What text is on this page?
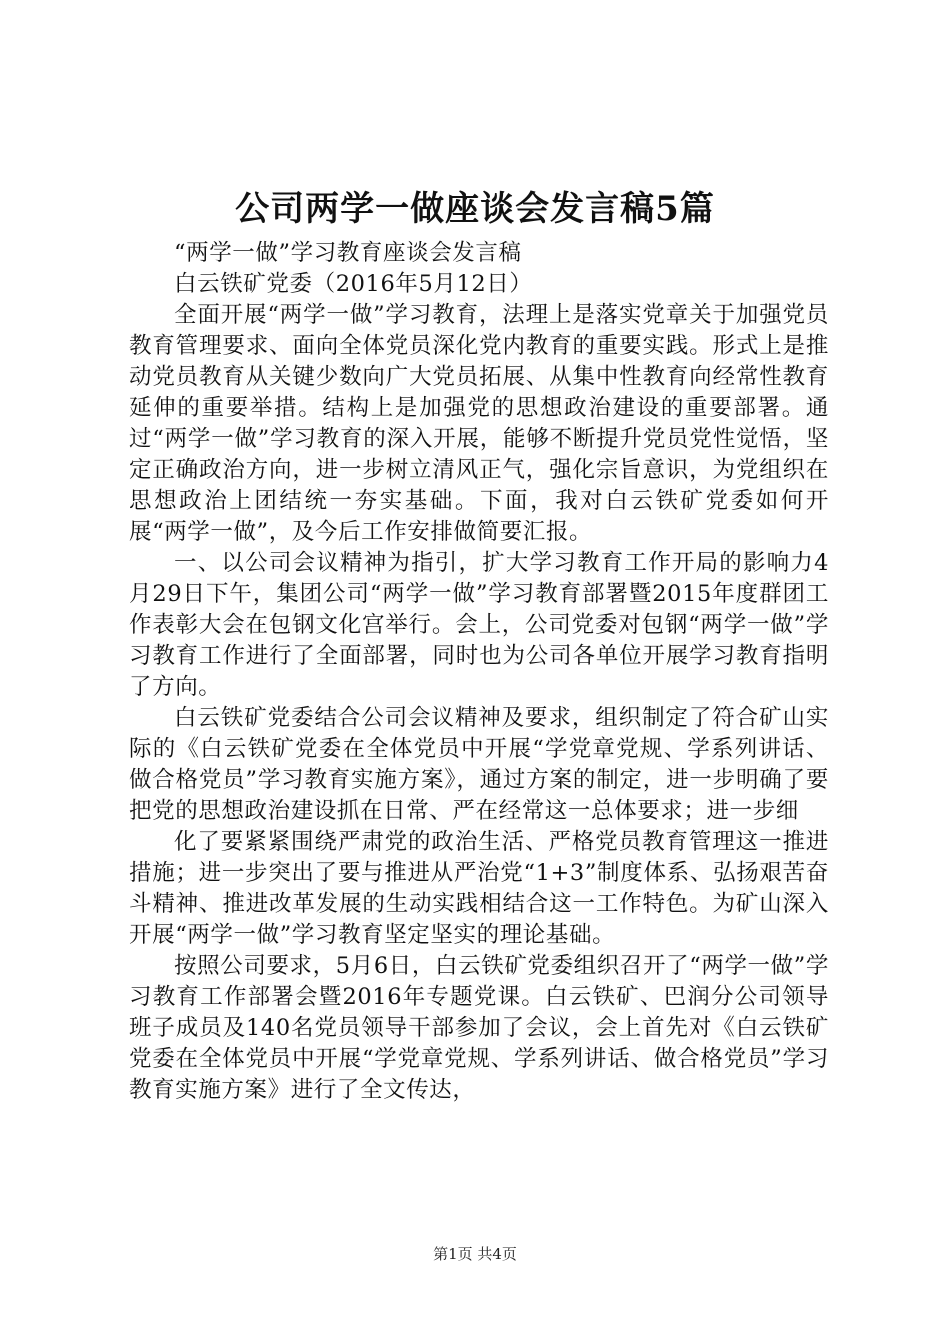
公司两学一做座谈会发言稿5篇

“两学一做”学习教育座谈会发言稿

白云铁矿党委（2016年5月12日）

全面开展“两学一做”学习教育，法理上是落实党章关于加强党员教育管理要求、面向全体党员深化党内教育的重要实践。形式上是推动党员教育从关键少数向广大党员拓展、从集中性教育向经常性教育延伸的重要举措。结构上是加强党的思想政治建设的重要部署。通过“两学一做”学习教育的深入开展，能够不断提升党员党性觉悟，坚定正确政治方向，进一步树立清风正气，强化宗旨意识，为党组织在思想政治上团结统一夯实基础。下面，我对白云铁矿党委如何开展“两学一做”，及今后工作安排做简要汇报。

一、以公司会议精神为指引，扩大学习教育工作开局的影响力4月29日下午，集团公司“两学一做”学习教育部署暨2015年度群团工作表彰大会在包钢文化宫举行。会上，公司党委对包钢“两学一做”学习教育工作进行了全面部署，同时也为公司各单位开展学习教育指明了方向。

白云铁矿党委结合公司会议精神及要求，组织制定了符合矿山实际的《白云铁矿党委在全体党员中开展“学党章党规、学系列讲话、做合格党员”学习教育实施方案》，通过方案的制定，进一步明确了要把党的思想政治建设抓在日常、严在经常这一总体要求；进一步细

化了要紧紧围绕严肃党的政治生活、严格党员教育管理这一推进措施；进一步突出了要与推进从严治党“1+3”制度体系、弘扬艰苦奋斗精神、推进改革发展的生动实践相结合这一工作特色。为矿山深入开展“两学一做”学习教育坚定坚实的理论基础。

按照公司要求，5月6日，白云铁矿党委组织召开了“两学一做”学习教育工作部署会暨2016年专题党课。白云铁矿、巴润分公司领导班子成员及140名党员领导干部参加了会议，会上首先对《白云铁矿党委在全体党员中开展“学党章党规、学系列讲话、做合格党员”学习教育实施方案》进行了全文传达，

第1页 共4页
